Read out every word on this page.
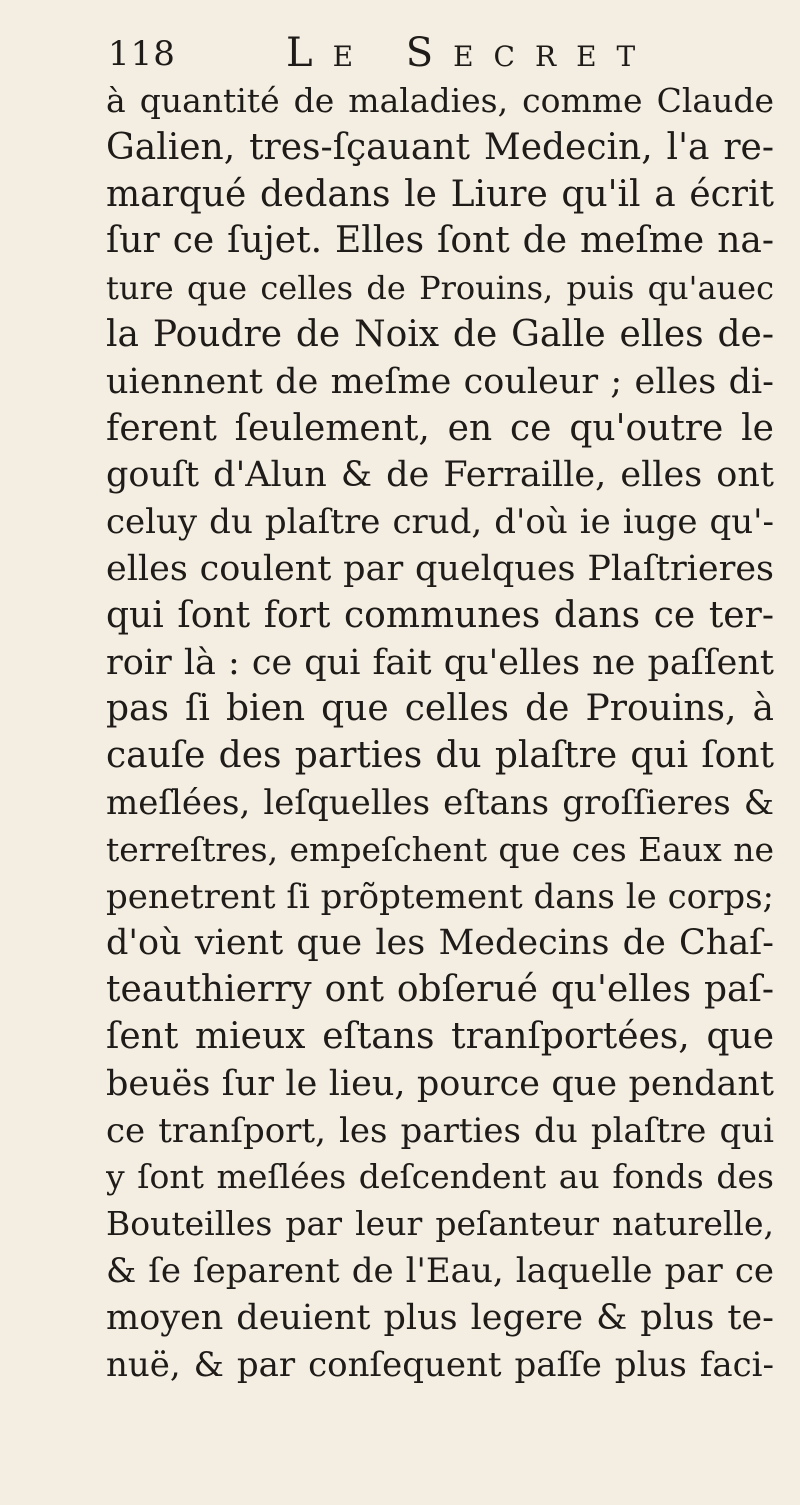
118	Le Secret
à quantité de maladies, comme Claude
Galien, tres-ſçauant Medecin, l'a re-
marqué dedans le Liure qu'il a écrit
ſur ce ſujet. Elles ſont de meſme na-
ture que celles de Prouins, puis qu'auec
la Poudre de Noix de Galle elles de-
uiennent de meſme couleur ; elles di-
ferent ſeulement, en ce qu'outre le
gouſt d'Alun & de Ferraille, elles ont
celuy du plaſtre crud, d'où ie iuge qu'-
elles coulent par quelques Plaſtrieres
qui ſont fort communes dans ce ter-
roir là : ce qui fait qu'elles ne paſſent
pas ſi bien que celles de Prouins, à
cauſe des parties du plaſtre qui ſont
meſlées, leſquelles eſtans groſſieres &
terreſtres, empeſchent que ces Eaux ne
penetrent ſi prõptement dans le corps;
d'où vient que les Medecins de Chaſ-
teauthierry ont obſerué qu'elles paſ-
ſent mieux eſtans tranſportées, que
beuës ſur le lieu, pource que pendant
ce tranſport, les parties du plaſtre qui
y ſont meſlées deſcendent au fonds des
Bouteilles par leur peſanteur naturelle,
& ſe ſeparent de l'Eau, laquelle par ce
moyen deuient plus legere & plus te-
nuë, & par conſequent paſſe plus faci-
